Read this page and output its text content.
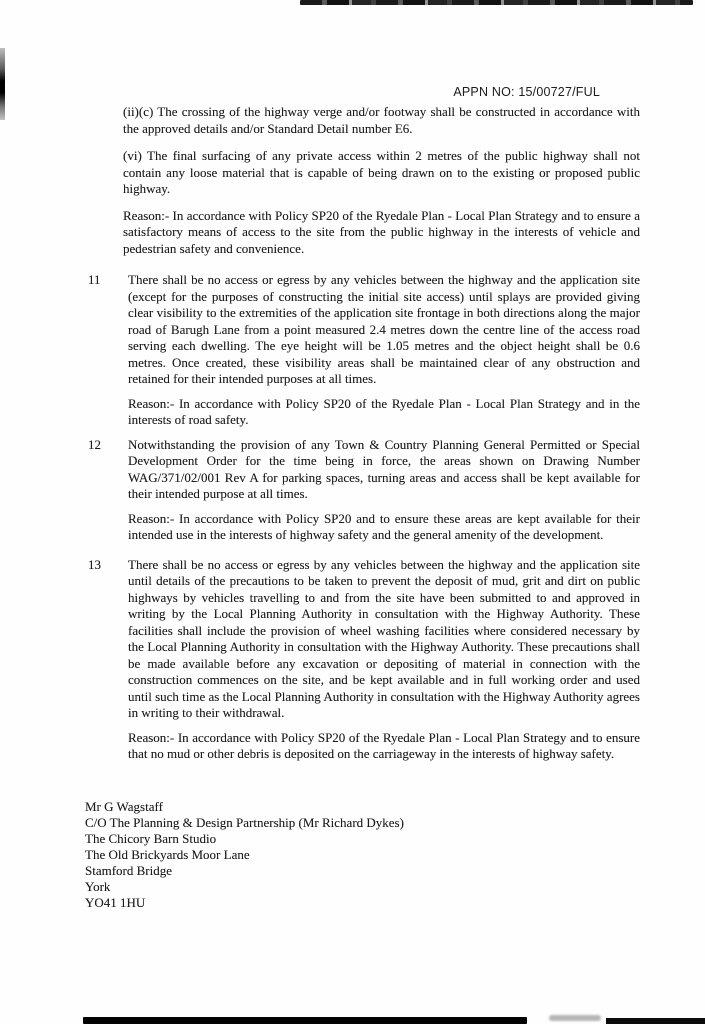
APPN NO: 15/00727/FUL

(ii)(c) The crossing of the highway verge and/or footway shall be constructed in accordance with the approved details and/or Standard Detail number E6.

(vi) The final surfacing of any private access within 2 metres of the public highway shall not contain any loose material that is capable of being drawn on to the existing or proposed public highway.

Reason:- In accordance with Policy SP20 of the Ryedale Plan - Local Plan Strategy and to ensure a satisfactory means of access to the site from the public highway in the interests of vehicle and pedestrian safety and convenience.

11	There shall be no access or egress by any vehicles between the highway and the application site (except for the purposes of constructing the initial site access) until splays are provided giving clear visibility to the extremities of the application site frontage in both directions along the major road of Barugh Lane from a point measured 2.4 metres down the centre line of the access road serving each dwelling. The eye height will be 1.05 metres and the object height shall be 0.6 metres. Once created, these visibility areas shall be maintained clear of any obstruction and retained for their intended purposes at all times.

Reason:- In accordance with Policy SP20 of the Ryedale Plan - Local Plan Strategy and in the interests of road safety.

12	Notwithstanding the provision of any Town & Country Planning General Permitted or Special Development Order for the time being in force, the areas shown on Drawing Number WAG/371/02/001 Rev A for parking spaces, turning areas and access shall be kept available for their intended purpose at all times.

Reason:- In accordance with Policy SP20 and to ensure these areas are kept available for their intended use in the interests of highway safety and the general amenity of the development.

13	There shall be no access or egress by any vehicles between the highway and the application site until details of the precautions to be taken to prevent the deposit of mud, grit and dirt on public highways by vehicles travelling to and from the site have been submitted to and approved in writing by the Local Planning Authority in consultation with the Highway Authority. These facilities shall include the provision of wheel washing facilities where considered necessary by the Local Planning Authority in consultation with the Highway Authority. These precautions shall be made available before any excavation or depositing of material in connection with the construction commences on the site, and be kept available and in full working order and used until such time as the Local Planning Authority in consultation with the Highway Authority agrees in writing to their withdrawal.

Reason:- In accordance with Policy SP20 of the Ryedale Plan - Local Plan Strategy and to ensure that no mud or other debris is deposited on the carriageway in the interests of highway safety.

Mr G Wagstaff
C/O The Planning & Design Partnership (Mr Richard Dykes)
The Chicory Barn Studio
The Old Brickyards Moor Lane
Stamford Bridge
York
YO41 1HU
